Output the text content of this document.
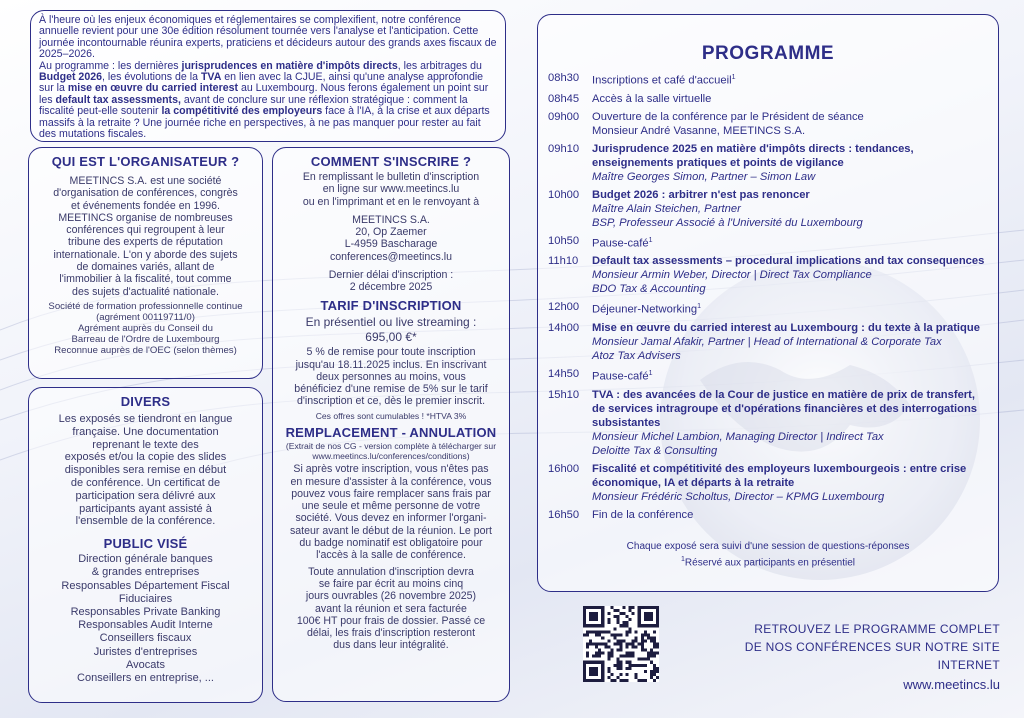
À l'heure où les enjeux économiques et réglementaires se complexifient, notre conférence annuelle revient pour une 30e édition résolument tournée vers l'analyse et l'anticipation. Cette journée incontournable réunira experts, praticiens et décideurs autour des grands axes fiscaux de 2025–2026.

Au programme : les dernières jurisprudences en matière d'impôts directs, les arbitrages du Budget 2026, les évolutions de la TVA en lien avec la CJUE, ainsi qu'une analyse approfondie sur la mise en œuvre du carried interest au Luxembourg. Nous ferons également un point sur les default tax assessments, avant de conclure sur une réflexion stratégique : comment la fiscalité peut-elle soutenir la compétitivité des employeurs face à l'IA, à la crise et aux départs massifs à la retraite ? Une journée riche en perspectives, à ne pas manquer pour rester au fait des mutations fiscales.

QUI EST L'ORGANISATEUR ?
MEETINCS S.A. est une société
d'organisation de conférences, congrès
et événements fondée en 1996.
MEETINCS organise de nombreuses
conférences qui regroupent à leur
tribune des experts de réputation
internationale. L'on y aborde des sujets
de domaines variés, allant de
l'immobilier à la fiscalité, tout comme
des sujets d'actualité nationale.
Société de formation professionnelle continue
(agrément 00119711/0)
Agrément auprès du Conseil du
Barreau de l'Ordre de Luxembourg
Reconnue auprès de l'OEC (selon thèmes)
COMMENT S'INSCRIRE ?
En remplissant le bulletin d'inscription
en ligne sur www.meetincs.lu
ou en l'imprimant et en le renvoyant à
MEETINCS S.A.
20, Op Zaemer
L-4959 Bascharage
conferences@meetincs.lu
Dernier délai d'inscription :
2 décembre 2025
TARIF D'INSCRIPTION
En présentiel ou live streaming :
695,00 €*
5 % de remise pour toute inscription
jusqu'au 18.11.2025 inclus. En inscrivant
deux personnes au moins, vous
bénéficiez d'une remise de 5% sur le tarif
d'inscription et ce, dès le premier inscrit.
Ces offres sont cumulables ! *HTVA 3%
REMPLACEMENT - ANNULATION
(Extrait de nos CG - version complète à télécharger sur
www.meetincs.lu/conferences/conditions)
Si après votre inscription, vous n'êtes pas
en mesure d'assister à la conférence, vous
pouvez vous faire remplacer sans frais par
une seule et même personne de votre
société. Vous devez en informer l'organi-
sateur avant le début de la réunion. Le port
du badge nominatif est obligatoire pour
l'accès à la salle de conférence.
Toute annulation d'inscription devra
se faire par écrit au moins cinq
jours ouvrables (26 novembre 2025)
avant la réunion et sera facturée
100€ HT pour frais de dossier. Passé ce
délai, les frais d'inscription resteront
dus dans leur intégralité.
DIVERS
Les exposés se tiendront en langue
française. Une documentation
reprenant le texte des
exposés et/ou la copie des slides
disponibles sera remise en début
de conférence. Un certificat de
participation sera délivré aux
participants ayant assisté à
l'ensemble de la conférence.
PUBLIC VISÉ
Direction générale banques
& grandes entreprises
Responsables Département Fiscal
Fiduciaires
Responsables Private Banking
Responsables Audit Interne
Conseillers fiscaux
Juristes d'entreprises
Avocats
Conseillers en entreprise, ...
PROGRAMME
08h30	Inscriptions et café d'accueil$^1$
08h45	Accès à la salle virtuelle
09h00	Ouverture de la conférence par le Président de séance
Monsieur André Vasanne, MEETINCS S.A.
09h10	Jurisprudence 2025 en matière d'impôts directs : tendances, enseignements pratiques et points de vigilance
Maître Georges Simon, Partner – Simon Law
10h00	Budget 2026 : arbitrer n'est pas renoncer
Maître Alain Steichen, Partner
BSP, Professeur Associé à l'Université du Luxembourg
10h50	Pause-café$^1$
11h10	Default tax assessments – procedural implications and tax consequences
Monsieur Armin Weber, Director | Direct Tax Compliance
BDO Tax & Accounting
12h00	Déjeuner-Networking$^1$
14h00	Mise en œuvre du carried interest au Luxembourg : du texte à la pratique
Monsieur Jamal Afakir, Partner | Head of International & Corporate Tax
Atoz Tax Advisers
14h50	Pause-café$^1$
15h10	TVA : des avancées de la Cour de justice en matière de prix de transfert, de services intragroupe et d'opérations financières et des interrogations subsistantes
Monsieur Michel Lambion, Managing Director | Indirect Tax
Deloitte Tax & Consulting
16h00	Fiscalité et compétitivité des employeurs luxembourgeois : entre crise économique, IA et départs à la retraite
Monsieur Frédéric Scholtus, Director – KPMG Luxembourg
16h50	Fin de la conférence
Chaque exposé sera suivi d'une session de questions-réponses
$^1$Réservé aux participants en présentiel
RETROUVEZ LE PROGRAMME COMPLET
DE NOS CONFÉRENCES SUR NOTRE SITE INTERNET
www.meetincs.lu
